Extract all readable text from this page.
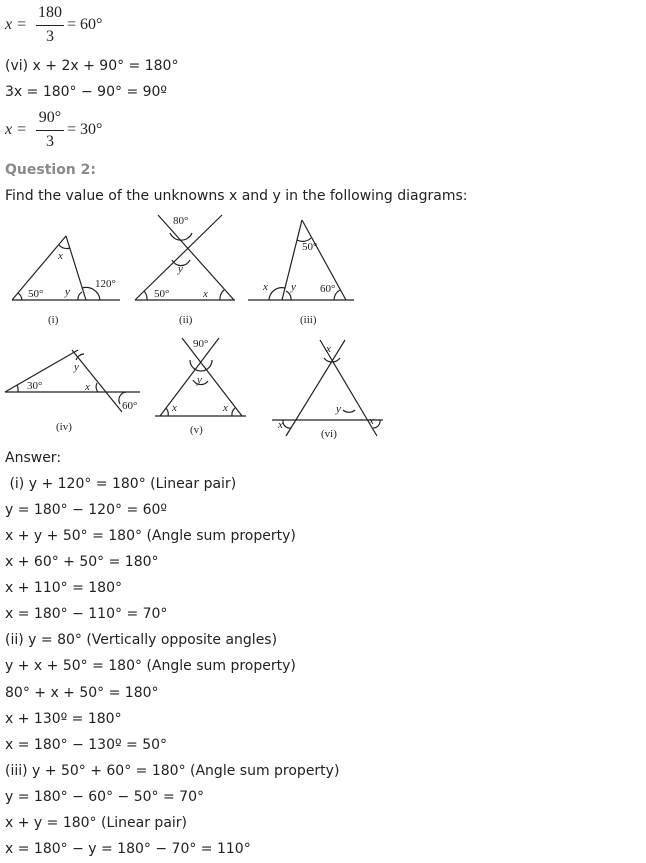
x =
180
3
= 60°
(vi) x + 2x + 90° = 180°
3x = 180° − 90° = 90º
x =
90°
3
= 30°
Question 2:
Find the value of the unknowns x and y in the following diagrams:
x
50° y
120°
(i)
80°
y
50°	x
(ii)
50°
x y 60°
(iii)
y
30°	x
60°
(iv)
90°
y
x	x
(v)
x
y
x	x
(vi)
Answer:
(i) y + 120° = 180° (Linear pair)
y = 180° − 120° = 60º
x + y + 50° = 180° (Angle sum property)
x + 60° + 50° = 180°
x + 110° = 180°
x = 180° − 110° = 70°
(ii) y = 80° (Vertically opposite angles)
y + x + 50° = 180° (Angle sum property)
80° + x + 50° = 180°
x + 130º = 180°
x = 180° − 130º = 50°
(iii) y + 50° + 60° = 180° (Angle sum property)
y = 180° − 60° − 50° = 70°
x + y = 180° (Linear pair)
x = 180° − y = 180° − 70° = 110°
